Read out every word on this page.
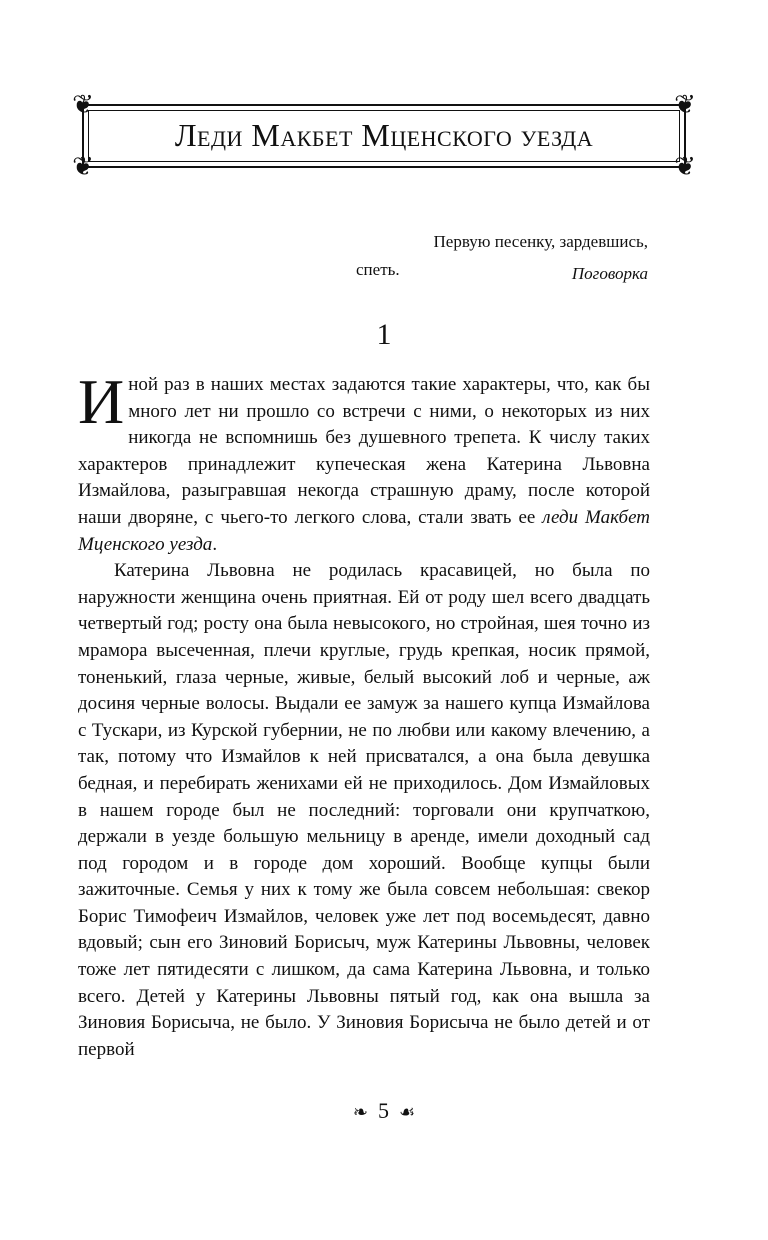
❦	❦
❦	❦
Леди Макбет Мценского уезда
Первую песенку, зардевшись,
спеть.	Поговорка
1

Иной раз в наших местах задаются такие характеры, что, как бы много лет ни прошло со встречи с ними, о некоторых из них никогда не вспомнишь без душевного трепета. К числу таких характеров принадлежит купеческая жена Катерина Львовна Измайлова, разыгравшая некогда страшную драму, после которой наши дворяне, с чьего-то легкого слова, стали звать ее леди Макбет Мценского уезда.

Катерина Львовна не родилась красавицей, но была по наружности женщина очень приятная. Ей от роду шел всего двадцать четвертый год; росту она была невысокого, но стройная, шея точно из мрамора высеченная, плечи круглые, грудь крепкая, носик прямой, тоненький, глаза черные, живые, белый высокий лоб и черные, аж досиня черные волосы. Выдали ее замуж за нашего купца Измайлова с Тускари, из Курской губернии, не по любви или какому влечению, а так, потому что Измайлов к ней присватался, а она была девушка бедная, и перебирать женихами ей не приходилось. Дом Измайловых в нашем городе был не последний: торговали они крупчаткою, держали в уезде большую мельницу в аренде, имели доходный сад под городом и в городе дом хороший. Вообще купцы были зажиточные. Семья у них к тому же была совсем небольшая: свекор Борис Тимофеич Измайлов, человек уже лет под восемьдесят, давно вдовый; сын его Зиновий Борисыч, муж Катерины Львовны, человек тоже лет пятидесяти с лишком, да сама Катерина Львовна, и только всего. Детей у Катерины Львовны пятый год, как она вышла за Зиновия Борисыча, не было. У Зиновия Борисыча не было детей и от первой

❧ 5 ☙
